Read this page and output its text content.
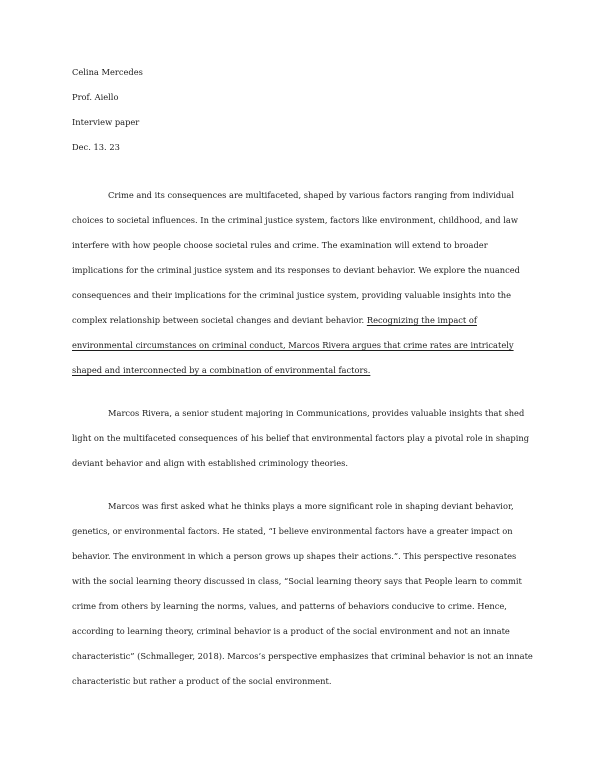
Celina Mercedes

Prof. Aiello

Interview paper

Dec. 13. 23

Crime and its consequences are multifaceted, shaped by various factors ranging from individual choices to societal influences. In the criminal justice system, factors like environment, childhood, and law interfere with how people choose societal rules and crime. The examination will extend to broader implications for the criminal justice system and its responses to deviant behavior. We explore the nuanced consequences and their implications for the criminal justice system, providing valuable insights into the complex relationship between societal changes and deviant behavior. Recognizing the impact of environmental circumstances on criminal conduct, Marcos Rivera argues that crime rates are intricately shaped and interconnected by a combination of environmental factors.

Marcos Rivera, a senior student majoring in Communications, provides valuable insights that shed light on the multifaceted consequences of his belief that environmental factors play a pivotal role in shaping deviant behavior and align with established criminology theories.

Marcos was first asked what he thinks plays a more significant role in shaping deviant behavior, genetics, or environmental factors. He stated, “I believe environmental factors have a greater impact on behavior. The environment in which a person grows up shapes their actions.”. This perspective resonates with the social learning theory discussed in class, “Social learning theory says that People learn to commit crime from others by learning the norms, values, and patterns of behaviors conducive to crime. Hence, according to learning theory, criminal behavior is a product of the social environment and not an innate characteristic” (Schmalleger, 2018). Marcos’s perspective emphasizes that criminal behavior is not an innate characteristic but rather a product of the social environment.
